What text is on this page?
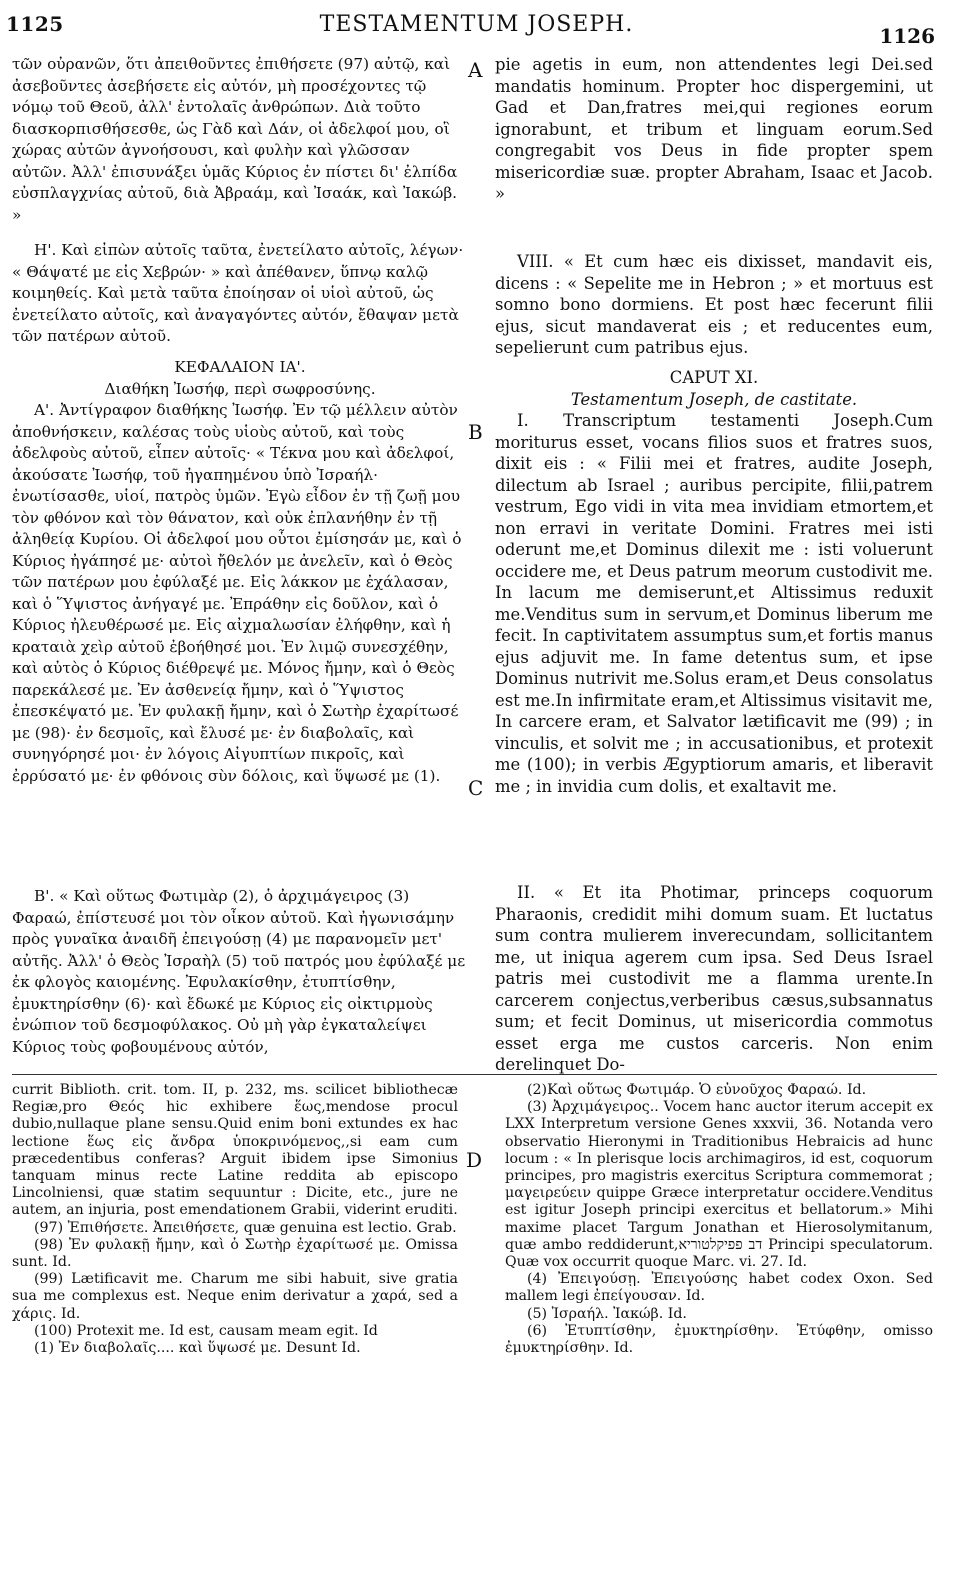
1125	TESTAMENTUM JOSEPH.	1126

τῶν οὐρανῶν, ὅτι ἀπειθοῦντες ἐπιθήσετε (97) αὐτῷ, καὶ ἀσεβοῦντες ἀσεβήσετε εἰς αὐτόν, μὴ προσέχοντες τῷ νόμῳ τοῦ Θεοῦ, ἀλλ' ἐντολαῖς ἀνθρώπων. Διὰ τοῦτο διασκορπισθήσεσθε, ὡς Γὰδ καὶ Δάν, οἱ ἀδελφοί μου, οἳ χώρας αὐτῶν ἀγνοήσουσι, καὶ φυλὴν καὶ γλῶσσαν αὐτῶν. Ἀλλ' ἐπισυνάξει ὑμᾶς Κύριος ἐν πίστει δι' ἐλπίδα εὐσπλαγχνίας αὐτοῦ, διὰ Ἀβραάμ, καὶ Ἰσαάκ, καὶ Ἰακώβ. »

Η'. Καὶ εἰπὼν αὐτοῖς ταῦτα, ἐνετείλατο αὐτοῖς, λέγων· « Θάψατέ με εἰς Χεβρών· » καὶ ἀπέθανεν, ὕπνῳ καλῷ κοιμηθείς. Καὶ μετὰ ταῦτα ἐποίησαν οἱ υἱοὶ αὐτοῦ, ὡς ἐνετείλατο αὐτοῖς, καὶ ἀναγαγόντες αὐτόν, ἔθαψαν μετὰ τῶν πατέρων αὐτοῦ.

ΚΕΦΑΛΑΙΟΝ ΙΑ'.

Διαθήκη Ἰωσήφ, περὶ σωφροσύνης.

Α'. Ἀντίγραφον διαθήκης Ἰωσήφ. Ἐν τῷ μέλλειν αὐτὸν ἀποθνήσκειν, καλέσας τοὺς υἱοὺς αὐτοῦ, καὶ τοὺς ἀδελφοὺς αὐτοῦ, εἶπεν αὐτοῖς· « Τέκνα μου καὶ ἀδελφοί, ἀκούσατε Ἰωσήφ, τοῦ ἠγαπημένου ὑπὸ Ἰσραήλ· ἐνωτίσασθε, υἱοί, πατρὸς ὑμῶν. Ἐγὼ εἶδον ἐν τῇ ζωῇ μου τὸν φθόνον καὶ τὸν θάνατον, καὶ οὐκ ἐπλανήθην ἐν τῇ ἀληθείᾳ Κυρίου. Οἱ ἀδελφοί μου οὗτοι ἐμίσησάν με, καὶ ὁ Κύριος ἠγάπησέ με· αὐτοὶ ἤθελόν με ἀνελεῖν, καὶ ὁ Θεὸς τῶν πατέρων μου ἐφύλαξέ με. Εἰς λάκκον με ἐχάλασαν, καὶ ὁ Ὕψιστος ἀνήγαγέ με. Ἐπράθην εἰς δοῦλον, καὶ ὁ Κύριος ἠλευθέρωσέ με. Εἰς αἰχμαλωσίαν ἐλήφθην, καὶ ἡ κραταιὰ χεὶρ αὐτοῦ ἐβοήθησέ μοι. Ἐν λιμῷ συνεσχέθην, καὶ αὐτὸς ὁ Κύριος διέθρεψέ με. Μόνος ἤμην, καὶ ὁ Θεὸς παρεκάλεσέ με. Ἐν ἀσθενείᾳ ἤμην, καὶ ὁ Ὕψιστος ἐπεσκέψατό με. Ἐν φυλακῇ ἤμην, καὶ ὁ Σωτὴρ ἐχαρίτωσέ με (98)· ἐν δεσμοῖς, καὶ ἔλυσέ με· ἐν διαβολαῖς, καὶ συνηγόρησέ μοι· ἐν λόγοις Αἰγυπτίων πικροῖς, καὶ ἐρρύσατό με· ἐν φθόνοις σὺν δόλοις, καὶ ὕψωσέ με (1).

Β'. « Καὶ οὕτως Φωτιμὰρ (2), ὁ ἀρχιμάγειρος (3) Φαραώ, ἐπίστευσέ μοι τὸν οἶκον αὐτοῦ. Καὶ ἠγωνισάμην πρὸς γυναῖκα ἀναιδῆ ἐπειγούσῃ (4) με παρανομεῖν μετ' αὐτῆς. Ἀλλ' ὁ Θεὸς Ἰσραὴλ (5) τοῦ πατρός μου ἐφύλαξέ με ἐκ φλογὸς καιομένης. Ἐφυλακίσθην, ἐτυπτίσθην, ἐμυκτηρίσθην (6)· καὶ ἔδωκέ με Κύριος εἰς οἰκτιρμοὺς ἐνώπιον τοῦ δεσμοφύλακος. Οὐ μὴ γὰρ ἐγκαταλείψει Κύριος τοὺς φοβουμένους αὐτόν,

A
B
C
D

pie agetis in eum, non attendentes legi Dei.sed mandatis hominum. Propter hoc dispergemini, ut Gad et Dan,fratres mei,qui regiones eorum ignorabunt, et tribum et linguam eorum.Sed congregabit vos Deus in fide propter spem misericordiæ suæ. propter Abraham, Isaac et Jacob. »

VIII. « Et cum hæc eis dixisset, mandavit eis, dicens : « Sepelite me in Hebron ; » et mortuus est somno bono dormiens. Et post hæc fecerunt filii ejus, sicut mandaverat eis ; et reducentes eum, sepelierunt cum patribus ejus.

CAPUT XI.

Testamentum Joseph, de castitate.

I. Transcriptum testamenti Joseph.Cum moriturus esset, vocans filios suos et fratres suos, dixit eis : « Filii mei et fratres, audite Joseph, dilectum ab Israel ; auribus percipite, filii,patrem vestrum, Ego vidi in vita mea invidiam etmortem,et non erravi in veritate Domini. Fratres mei isti oderunt me,et Dominus dilexit me : isti voluerunt occidere me, et Deus patrum meorum custodivit me. In lacum me demiserunt,et Altissimus reduxit me.Venditus sum in servum,et Dominus liberum me fecit. In captivitatem assumptus sum,et fortis manus ejus adjuvit me. In fame detentus sum, et ipse Dominus nutrivit me.Solus eram,et Deus consolatus est me.In infirmitate eram,et Altissimus visitavit me, In carcere eram, et Salvator lætificavit me (99) ; in vinculis, et solvit me ; in accusationibus, et protexit me (100); in verbis Ægyptiorum amaris, et liberavit me ; in invidia cum dolis, et exaltavit me.

II. « Et ita Photimar, princeps coquorum Pharaonis, credidit mihi domum suam. Et luctatus sum contra mulierem inverecundam, sollicitantem me, ut iniqua agerem cum ipsa. Sed Deus Israel patris mei custodivit me a flamma urente.In carcerem conjectus,verberibus cæsus,subsannatus sum; et fecit Dominus, ut misericordia commotus esset erga me custos carceris. Non enim derelinquet Do-

currit Biblioth. crit. tom. II, p. 232, ms. scilicet bibliothecæ Regiæ,pro Θεός hic exhibere ἕως,mendose procul dubio,nullaque plane sensu.Quid enim boni extundes ex hac lectione ἕως εἰς ἄνδρα ὑποκρινόμενος,,si eam cum præcedentibus conferas? Arguit ibidem ipse Simonius tanquam minus recte Latine reddita ab episcopo Lincolniensi, quæ statim sequuntur : Dicite, etc., jure ne autem, an injuria, post emendationem Grabii, viderint eruditi.

(97) Ἐπιθήσετε. Ἀπειθήσετε, quæ genuina est lectio. Grab.

(98) Ἐν φυλακῇ ἤμην, καὶ ὁ Σωτὴρ ἐχαρίτωσέ με. Omissa sunt. Id.

(99) Lætificavit me. Charum me sibi habuit, sive gratia sua me complexus est. Neque enim derivatur a χαρά, sed a χάρις. Id.

(100) Protexit me. Id est, causam meam egit. Id

(1) Ἐν διαβολαῖς.... καὶ ὕψωσέ με. Desunt Id.

(2)Καὶ οὕτως Φωτιμάρ. Ὁ εὐνοῦχος Φαραώ. Id.

(3) Ἀρχιμάγειρος.. Vocem hanc auctor iterum accepit ex LXX Interpretum versione Genes xxxvii, 36. Notanda vero observatio Hieronymi in Traditionibus Hebraicis ad hunc locum : « In plerisque locis archimagiros, id est, coquorum principes, pro magistris exercitus Scriptura commemorat ; μαγειρεύειν quippe Græce interpretatur occidere.Venditus est igitur Joseph principi exercitus et bellatorum.» Mihi maxime placet Targum Jonathan et Hierosolymitanum, quæ ambo reddiderunt,דב פפיקלטוריא Principi speculatorum. Quæ vox occurrit quoque Marc. vi. 27. Id.

(4) Ἐπειγούσῃ. Ἐπειγούσης habet codex Oxon. Sed mallem legi ἐπείγουσαν. Id.

(5) Ἰσραήλ. Ἰακώβ. Id.

(6) Ἐτυπτίσθην, ἐμυκτηρίσθην. Ἐτύφθην, omisso ἐμυκτηρίσθην. Id.
